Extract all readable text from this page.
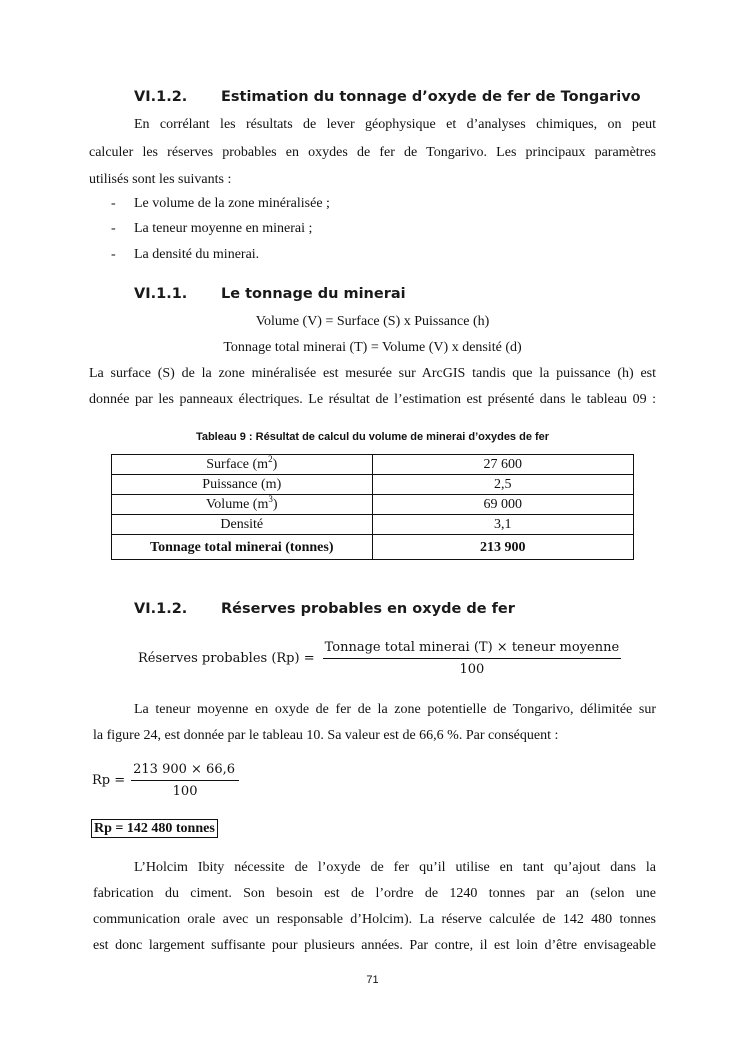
VI.1.2. Estimation du tonnage d’oxyde de fer de Tongarivo
En corrélant les résultats de lever géophysique et d’analyses chimiques, on peut
calculer les réserves probables en oxydes de fer de Tongarivo. Les principaux paramètres
utilisés sont les suivants :
- Le volume de la zone minéralisée ;
- La teneur moyenne en minerai ;
- La densité du minerai.
VI.1.1. Le tonnage du minerai
Volume (V) = Surface (S) x Puissance (h)
Tonnage total minerai (T) = Volume (V) x densité (d)
La surface (S) de la zone minéralisée est mesurée sur ArcGIS tandis que la puissance (h) est
donnée par les panneaux électriques. Le résultat de l’estimation est présenté dans le tableau 09 :
Tableau 9 : Résultat de calcul du volume de minerai d’oxydes de fer
Surface $(m^2)$	27 600
Puissance (m)	2,5
Volume $(m^3)$	69 000
Densité	3,1
Tonnage total minerai (tonnes)	213 900
VI.1.2. Réserves probables en oxyde de fer
Réserves probables $(Rp) = \frac{\text{Tonnage total minerai (T) × teneur moyenne}}{100}$
La teneur moyenne en oxyde de fer de la zone potentielle de Tongarivo, délimitée sur
la figure 24, est donnée par le tableau 10. Sa valeur est de 66,6 %. Par conséquent :
$Rp = \frac{213 900 \times 66,6}{100}$
Rp = 142 480 tonnes
L’Holcim Ibity nécessite de l’oxyde de fer qu’il utilise en tant qu’ajout dans la
fabrication du ciment. Son besoin est de l’ordre de 1240 tonnes par an (selon une
communication orale avec un responsable d’Holcim). La réserve calculée de 142 480 tonnes
est donc largement suffisante pour plusieurs années. Par contre, il est loin d’être envisageable
71
